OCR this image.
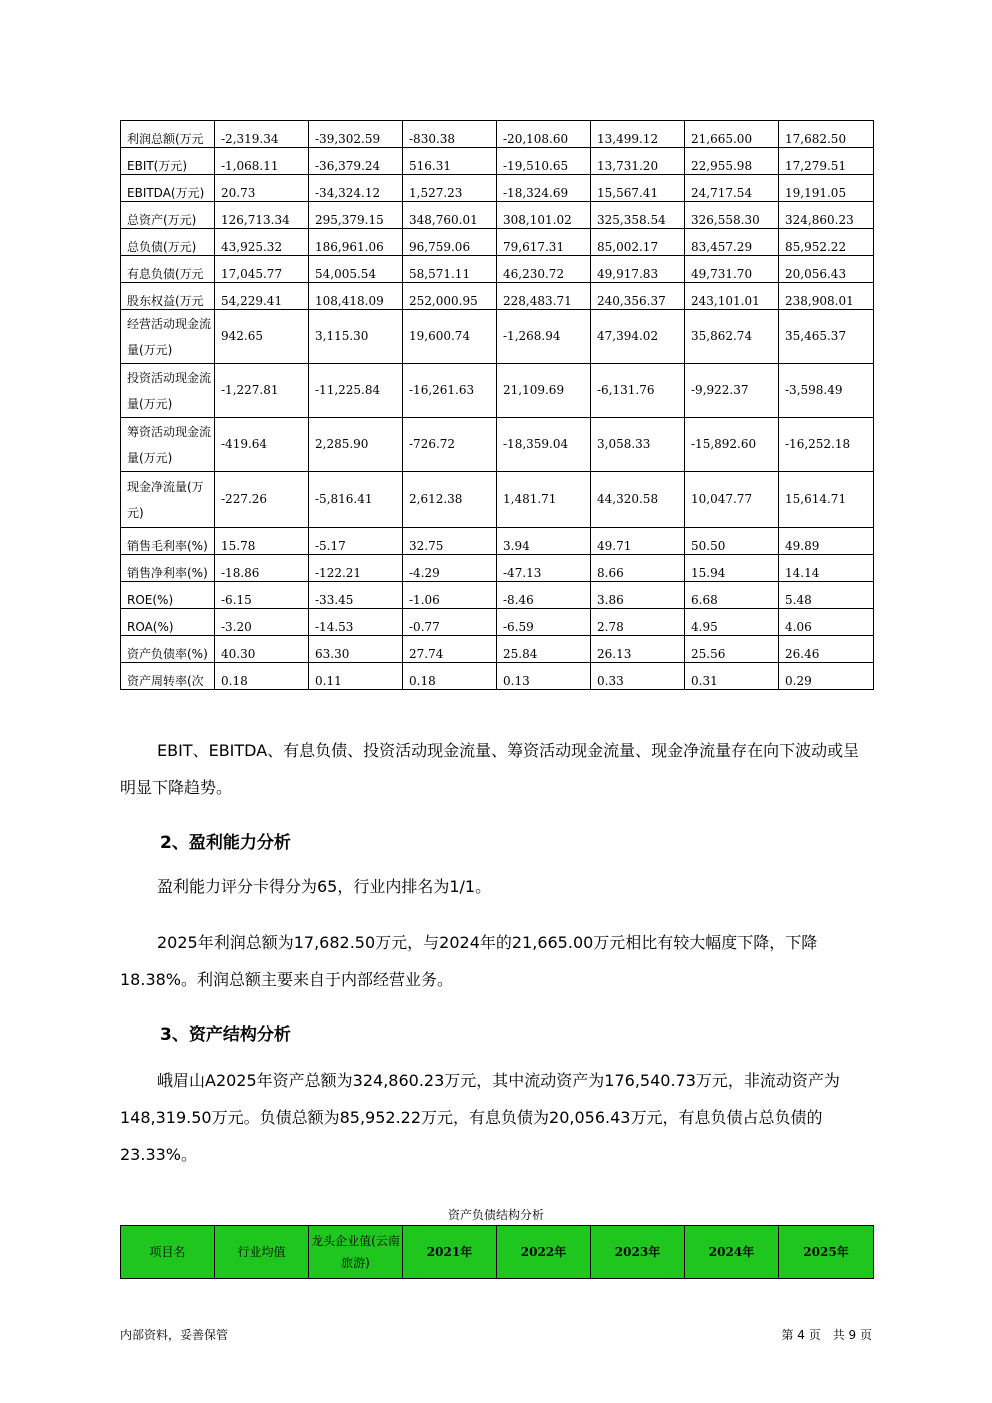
利润总额(万元	-2,319.34	-39,302.59	-830.38	-20,108.60	13,499.12	21,665.00	17,682.50
EBIT(万元)	-1,068.11	-36,379.24	516.31	-19,510.65	13,731.20	22,955.98	17,279.51
EBITDA(万元)	20.73	-34,324.12	1,527.23	-18,324.69	15,567.41	24,717.54	19,191.05
总资产(万元)	126,713.34	295,379.15	348,760.01	308,101.02	325,358.54	326,558.30	324,860.23
总负债(万元)	43,925.32	186,961.06	96,759.06	79,617.31	85,002.17	83,457.29	85,952.22
有息负债(万元	17,045.77	54,005.54	58,571.11	46,230.72	49,917.83	49,731.70	20,056.43
股东权益(万元	54,229.41	108,418.09	252,000.95	228,483.71	240,356.37	243,101.01	238,908.01
经营活动现金流量(万元)	942.65	3,115.30	19,600.74	-1,268.94	47,394.02	35,862.74	35,465.37
投资活动现金流量(万元)	-1,227.81	-11,225.84	-16,261.63	21,109.69	-6,131.76	-9,922.37	-3,598.49
筹资活动现金流量(万元)	-419.64	2,285.90	-726.72	-18,359.04	3,058.33	-15,892.60	-16,252.18
现金净流量(万元)	-227.26	-5,816.41	2,612.38	1,481.71	44,320.58	10,047.77	15,614.71
销售毛利率(%)	15.78	-5.17	32.75	3.94	49.71	50.50	49.89
销售净利率(%)	-18.86	-122.21	-4.29	-47.13	8.66	15.94	14.14
ROE(%)	-6.15	-33.45	-1.06	-8.46	3.86	6.68	5.48
ROA(%)	-3.20	-14.53	-0.77	-6.59	2.78	4.95	4.06
资产负债率(%)	40.30	63.30	27.74	25.84	26.13	25.56	26.46
资产周转率(次	0.18	0.11	0.18	0.13	0.33	0.31	0.29
EBIT、EBITDA、有息负债、投资活动现金流量、筹资活动现金流量、现金净流量存在向下波动或呈明显下降趋势。
2、盈利能力分析
盈利能力评分卡得分为65，行业内排名为1/1。
2025年利润总额为17,682.50万元，与2024年的21,665.00万元相比有较大幅度下降，下降18.38%。利润总额主要来自于内部经营业务。
3、资产结构分析
峨眉山A2025年资产总额为324,860.23万元，其中流动资产为176,540.73万元，非流动资产为148,319.50万元。负债总额为85,952.22万元，有息负债为20,056.43万元，有息负债占总负债的23.33%。
资产负债结构分析
项目名	行业均值	龙头企业值(云南旅游)	2021年	2022年	2023年	2024年	2025年
内部资料，妥善保管	第 4 页　共 9 页
